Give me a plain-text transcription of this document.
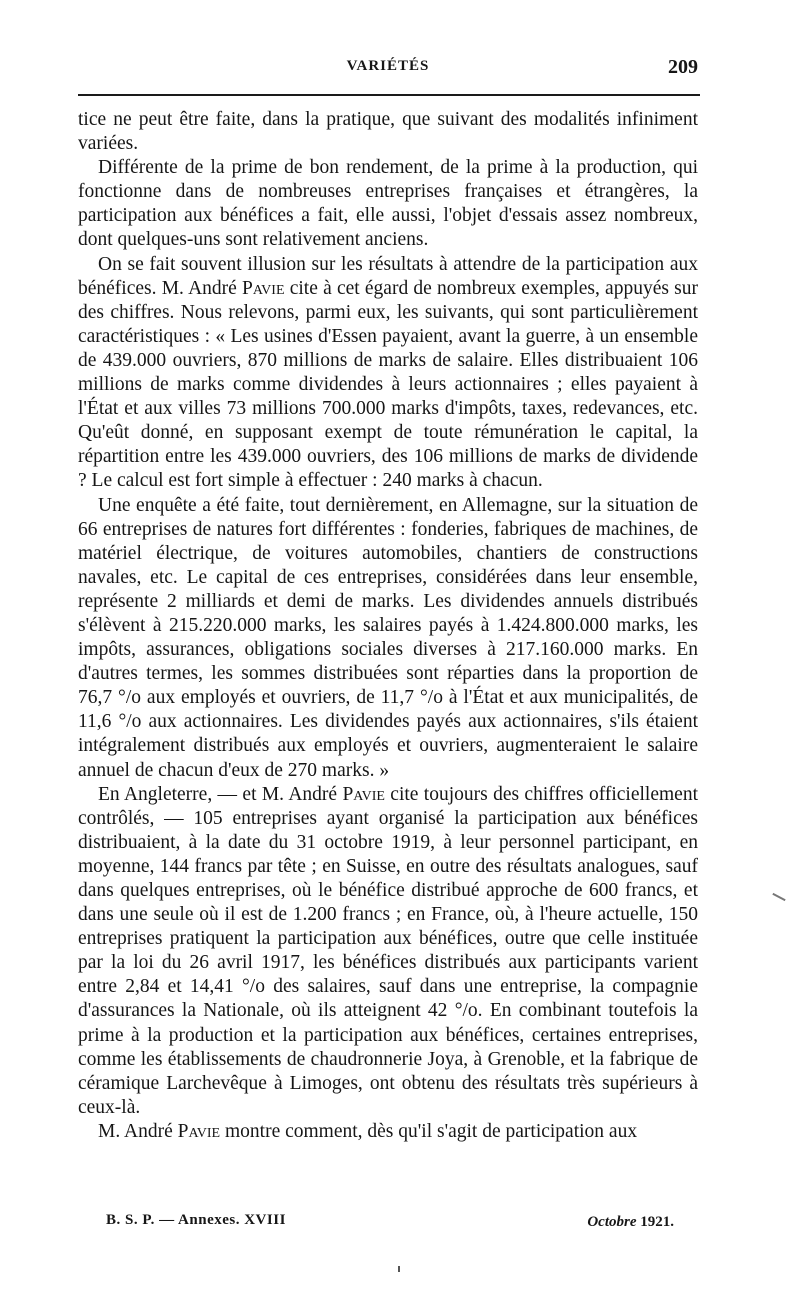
VARIÉTÉS	209

tice ne peut être faite, dans la pratique, que suivant des modalités infiniment variées.

Différente de la prime de bon rendement, de la prime à la production, qui fonctionne dans de nombreuses entreprises françaises et étrangères, la participation aux bénéfices a fait, elle aussi, l'objet d'essais assez nombreux, dont quelques-uns sont relativement anciens.

On se fait souvent illusion sur les résultats à attendre de la participation aux bénéfices. M. André Pavie cite à cet égard de nombreux exemples, appuyés sur des chiffres. Nous relevons, parmi eux, les suivants, qui sont particulièrement caractéristiques : « Les usines d'Essen payaient, avant la guerre, à un ensemble de 439.000 ouvriers, 870 millions de marks de salaire. Elles distribuaient 106 millions de marks comme dividendes à leurs actionnaires ; elles payaient à l'État et aux villes 73 millions 700.000 marks d'impôts, taxes, redevances, etc. Qu'eût donné, en supposant exempt de toute rémunération le capital, la répartition entre les 439.000 ouvriers, des 106 millions de marks de dividende ? Le calcul est fort simple à effectuer : 240 marks à chacun.

Une enquête a été faite, tout dernièrement, en Allemagne, sur la situation de 66 entreprises de natures fort différentes : fonderies, fabriques de machines, de matériel électrique, de voitures automobiles, chantiers de constructions navales, etc. Le capital de ces entreprises, considérées dans leur ensemble, représente 2 milliards et demi de marks. Les dividendes annuels distribués s'élèvent à 215.220.000 marks, les salaires payés à 1.424.800.000 marks, les impôts, assurances, obligations sociales diverses à 217.160.000 marks. En d'autres termes, les sommes distribuées sont réparties dans la proportion de 76,7 °/o aux employés et ouvriers, de 11,7 °/o à l'État et aux municipalités, de 11,6 °/o aux actionnaires. Les dividendes payés aux actionnaires, s'ils étaient intégralement distribués aux employés et ouvriers, augmenteraient le salaire annuel de chacun d'eux de 270 marks. »

En Angleterre, — et M. André Pavie cite toujours des chiffres officiellement contrôlés, — 105 entreprises ayant organisé la participation aux bénéfices distribuaient, à la date du 31 octobre 1919, à leur personnel participant, en moyenne, 144 francs par tête ; en Suisse, en outre des résultats analogues, sauf dans quelques entreprises, où le bénéfice distribué approche de 600 francs, et dans une seule où il est de 1.200 francs ; en France, où, à l'heure actuelle, 150 entreprises pratiquent la participation aux bénéfices, outre que celle instituée par la loi du 26 avril 1917, les bénéfices distribués aux participants varient entre 2,84 et 14,41 °/o des salaires, sauf dans une entreprise, la compagnie d'assurances la Nationale, où ils atteignent 42 °/o. En combinant toutefois la prime à la production et la participation aux bénéfices, certaines entreprises, comme les établissements de chaudronnerie Joya, à Grenoble, et la fabrique de céramique Larchevêque à Limoges, ont obtenu des résultats très supérieurs à ceux-là.

M. André Pavie montre comment, dès qu'il s'agit de participation aux

B. S. P. — Annexes. XVIII	Octobre 1921.
